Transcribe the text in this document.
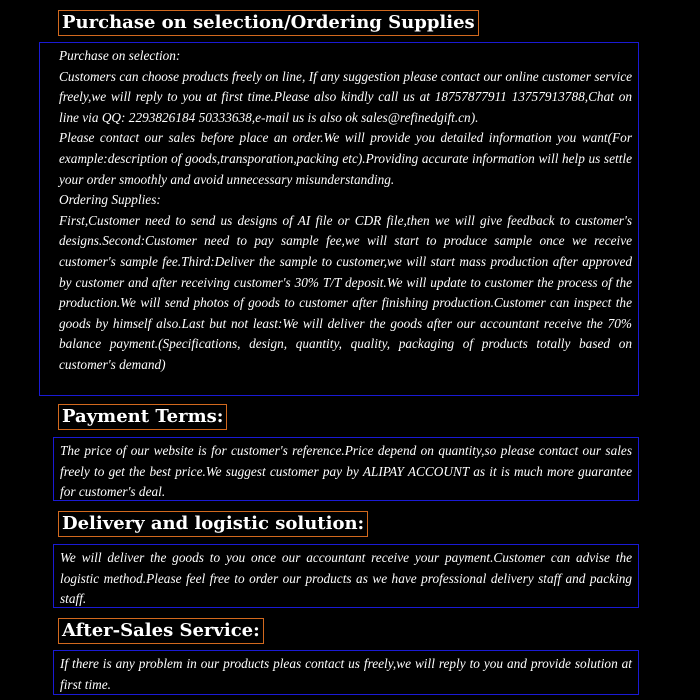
Purchase on selection/Ordering Supplies

Purchase on selection:

Customers can choose products freely on line, If any suggestion please contact our online customer service freely,we will reply to you at first time.Please also kindly call us at 18757877911 13757913788,Chat on line via QQ: 2293826184 50333638,e-mail us is also ok sales@refinedgift.cn).

Please contact our sales before place an order.We will provide you detailed information you want(For example:description of goods,transporation,packing etc).Providing accurate information will help us settle your order smoothly and avoid unnecessary misunderstanding.

Ordering Supplies:

First,Customer need to send us designs of AI file or CDR file,then we will give feedback to customer's designs.Second:Customer need to pay sample fee,we will start to produce sample once we receive customer's sample fee.Third:Deliver the sample to customer,we will start mass production after approved by customer and after receiving customer's 30% T/T deposit.We will update to customer the process of the production.We will send photos of goods to customer after finishing production.Customer can inspect the goods by himself also.Last but not least:We will deliver the goods after our accountant receive the 70% balance payment.(Specifications, design, quantity, quality, packaging of products totally based on customer's demand)

Payment Terms:

The price of our website is for customer's reference.Price depend on quantity,so please contact our sales freely to get the best price.We suggest customer pay by ALIPAY ACCOUNT as it is much more guarantee for customer's deal.

Delivery and logistic solution:

We will deliver the goods to you once our accountant receive your payment.Customer can advise the logistic method.Please feel free to order our products as we have professional delivery staff and packing staff.

After-Sales Service:

If there is any problem in our products pleas contact us freely,we will reply to you and provide solution at first time.
